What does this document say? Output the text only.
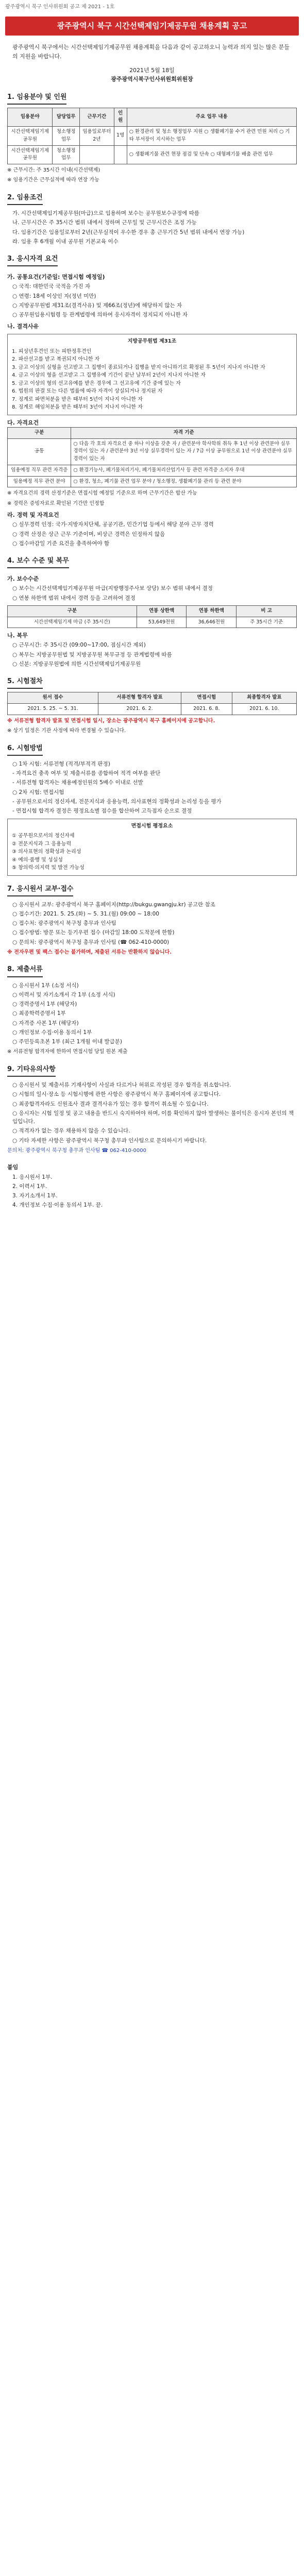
광주광역시 북구 인사위원회 공고 제 2021 - 1호
광주광역시 북구 시간선택제임기제공무원 채용계획 공고
광주광역시 북구에서는 시간선택제임기제공무원 채용계획을 다음과 같이 공고하오니 능력과 의지 있는 많은 분들의 지원을 바랍니다.
2021년 5월 18일
광주광역시북구인사위원회위원장
1. 임용분야 및 인원
임용분야	담당업무	근무기간	인원	주요 업무 내용
시간선택제임기제공무원	청소행정업무	임용일로부터 2년	1명	○ 환경관리 및 청소 행정업무 지원 ○ 생활폐기물 수거 관련 민원 처리 ○ 기타 부서장이 지시하는 업무
시간선택제임기제공무원	청소행정업무			○ 생활폐기물 관련 현장 점검 및 단속 ○ 대형폐기물 배출 관련 업무
※ 근무시간: 주 35시간 이내(시간선택제)
※ 임용기간은 근무실적에 따라 연장 가능
2. 임용조건
가. 시간선택제임기제공무원(마급)으로 임용하며 보수는 공무원보수규정에 따름
나. 근무시간은 주 35시간 범위 내에서 정하며 근무일 및 근무시간은 조정 가능
다. 임용기간은 임용일로부터 2년(근무실적이 우수한 경우 총 근무기간 5년 범위 내에서 연장 가능)
라. 임용 후 6개월 이내 공무원 기본교육 이수
3. 응시자격 요건
가. 공통요건(기준일: 면접시험 예정일)
○ 국적: 대한민국 국적을 가진 자
○ 연령: 18세 이상인 자(정년 미만)
○ 지방공무원법 제31조(결격사유) 및 제66조(정년)에 해당하지 않는 자
○ 공무원임용시험령 등 관계법령에 의하여 응시자격이 정지되지 아니한 자
나. 결격사유
지방공무원법 제31조
1. 피성년후견인 또는 피한정후견인
2. 파산선고를 받고 복권되지 아니한 자
3. 금고 이상의 실형을 선고받고 그 집행이 종료되거나 집행을 받지 아니하기로 확정된 후 5년이 지나지 아니한 자
4. 금고 이상의 형을 선고받고 그 집행유예 기간이 끝난 날부터 2년이 지나지 아니한 자
5. 금고 이상의 형의 선고유예를 받은 경우에 그 선고유예 기간 중에 있는 자
6. 법원의 판결 또는 다른 법률에 따라 자격이 상실되거나 정지된 자
7. 징계로 파면처분을 받은 때부터 5년이 지나지 아니한 자
8. 징계로 해임처분을 받은 때부터 3년이 지나지 아니한 자
다. 자격요건
구분	자격 기준
공통	○ 다음 각 호의 자격요건 중 하나 이상을 갖춘 자 / 관련분야 학사학위 취득 후 1년 이상 관련분야 실무경력이 있는 자 / 관련분야 3년 이상 실무경력이 있는 자 / 7급 이상 공무원으로 1년 이상 관련분야 실무경력이 있는 자
임용예정 직무 관련 자격증	○ 환경기능사, 폐기물처리기사, 폐기물처리산업기사 등 관련 자격증 소지자 우대
임용예정 직무 관련 분야	○ 환경, 청소, 폐기물 관련 업무 분야 / 청소행정, 생활폐기물 관리 등 관련 분야
※ 자격요건의 경력 산정기준은 면접시험 예정일 기준으로 하며 근무기간은 합산 가능
※ 경력은 증빙자료로 확인된 기간만 인정함
라. 경력 및 자격요건
○ 실무경력 인정: 국가·지방자치단체, 공공기관, 민간기업 등에서 해당 분야 근무 경력
○ 경력 산정은 상근 근무 기준이며, 비상근 경력은 인정하지 않음
○ 접수마감일 기준 요건을 충족하여야 함
4. 보수 수준 및 복무
가. 보수수준
○ 보수는 시간선택제임기제공무원 마급(지방행정주사보 상당) 보수 범위 내에서 결정
○ 연봉 하한액 범위 내에서 경력 등을 고려하여 결정
구분	연봉 상한액	연봉 하한액	비 고
시간선택제임기제 마급 (주 35시간)	53,649천원	36,646천원	주 35시간 기준
나. 복무
○ 근무시간: 주 35시간 (09:00~17:00, 점심시간 제외)
○ 복무는 지방공무원법 및 지방공무원 복무규정 등 관계법령에 따름
○ 신분: 지방공무원법에 의한 시간선택제임기제공무원
5. 시험절차
원서 접수	서류전형 합격자 발표	면접시험	최종합격자 발표
2021. 5. 25. ~ 5. 31.	2021. 6. 2.	2021. 6. 8.	2021. 6. 10.
※ 서류전형 합격자 발표 및 면접시험 일시, 장소는 광주광역시 북구 홈페이지에 공고합니다.
※ 상기 일정은 기관 사정에 따라 변경될 수 있습니다.
6. 시험방법
○ 1차 시험: 서류전형 (적격/부적격 판정)
- 자격요건 충족 여부 및 제출서류를 종합하여 적격 여부를 판단
- 서류전형 합격자는 채용예정인원의 5배수 이내로 선발
○ 2차 시험: 면접시험
- 공무원으로서의 정신자세, 전문지식과 응용능력, 의사표현의 정확성과 논리성 등을 평가
- 면접시험 합격자 결정은 평정요소별 점수를 합산하여 고득점자 순으로 결정
면접시험 평정요소
① 공무원으로서의 정신자세
② 전문지식과 그 응용능력
③ 의사표현의 정확성과 논리성
④ 예의·품행 및 성실성
⑤ 창의력·의지력 및 발전 가능성
7. 응시원서 교부·접수
○ 응시원서 교부: 광주광역시 북구 홈페이지(http://bukgu.gwangju.kr) 공고란 참조
○ 접수기간: 2021. 5. 25.(화) ~ 5. 31.(월) 09:00 ~ 18:00
○ 접수처: 광주광역시 북구청 총무과 인사팀
○ 접수방법: 방문 또는 등기우편 접수 (마감일 18:00 도착분에 한함)
○ 문의처: 광주광역시 북구청 총무과 인사팀 (☎ 062-410-0000)
※ 전자우편 및 팩스 접수는 불가하며, 제출된 서류는 반환하지 않습니다.
8. 제출서류
○ 응시원서 1부 (소정 서식)
○ 이력서 및 자기소개서 각 1부 (소정 서식)
○ 경력증명서 1부 (해당자)
○ 최종학력증명서 1부
○ 자격증 사본 1부 (해당자)
○ 개인정보 수집·이용 동의서 1부
○ 주민등록초본 1부 (최근 1개월 이내 발급분)
※ 서류전형 합격자에 한하여 면접시험 당일 원본 제출
9. 기타유의사항
○ 응시원서 및 제출서류 기재사항이 사실과 다르거나 허위로 작성된 경우 합격을 취소합니다.
○ 시험의 일시·장소 등 시험시행에 관한 사항은 광주광역시 북구 홈페이지에 공고합니다.
○ 최종합격자라도 신원조사 결과 결격사유가 있는 경우 합격이 취소될 수 있습니다.
○ 응시자는 시험 일정 및 공고 내용을 반드시 숙지하여야 하며, 이를 확인하지 않아 발생하는 불이익은 응시자 본인의 책임입니다.
○ 적격자가 없는 경우 채용하지 않을 수 있습니다.
○ 기타 자세한 사항은 광주광역시 북구청 총무과 인사팀으로 문의하시기 바랍니다.
문의처: 광주광역시 북구청 총무과 인사팀 ☎ 062-410-0000
붙임
1. 응시원서 1부.
2. 이력서 1부.
3. 자기소개서 1부.
4. 개인정보 수집·이용 동의서 1부. 끝.
